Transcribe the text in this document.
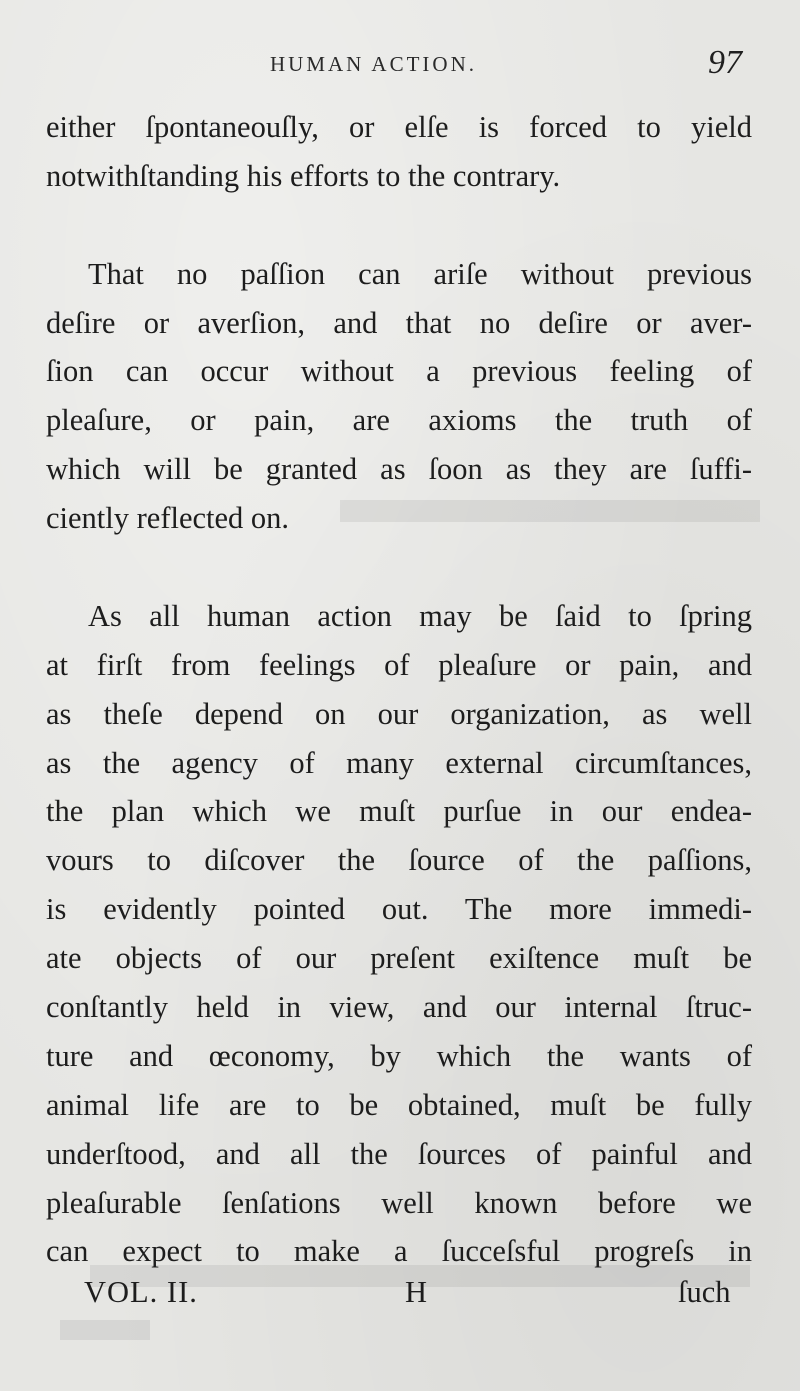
HUMAN ACTION.	97
either ſpontaneouſly, or elſe is forced to yield
notwithſtanding his efforts to the contrary.
That no paſſion can ariſe without previous
deſire or averſion, and that no deſire or aver-
ſion can occur without a previous feeling of
pleaſure, or pain, are axioms the truth of
which will be granted as ſoon as they are ſuffi-
ciently reflected on.
As all human action may be ſaid to ſpring
at firſt from feelings of pleaſure or pain, and
as theſe depend on our organization, as well
as the agency of many external circumſtances,
the plan which we muſt purſue in our endea-
vours to diſcover the ſource of the paſſions,
is evidently pointed out. The more immedi-
ate objects of our preſent exiſtence muſt be
conſtantly held in view, and our internal ſtruc-
ture and œconomy, by which the wants of
animal life are to be obtained, muſt be fully
underſtood, and all the ſources of painful and
pleaſurable ſenſations well known before we
can expect to make a ſucceſsful progreſs in
VOL. II.	H	ſuch
